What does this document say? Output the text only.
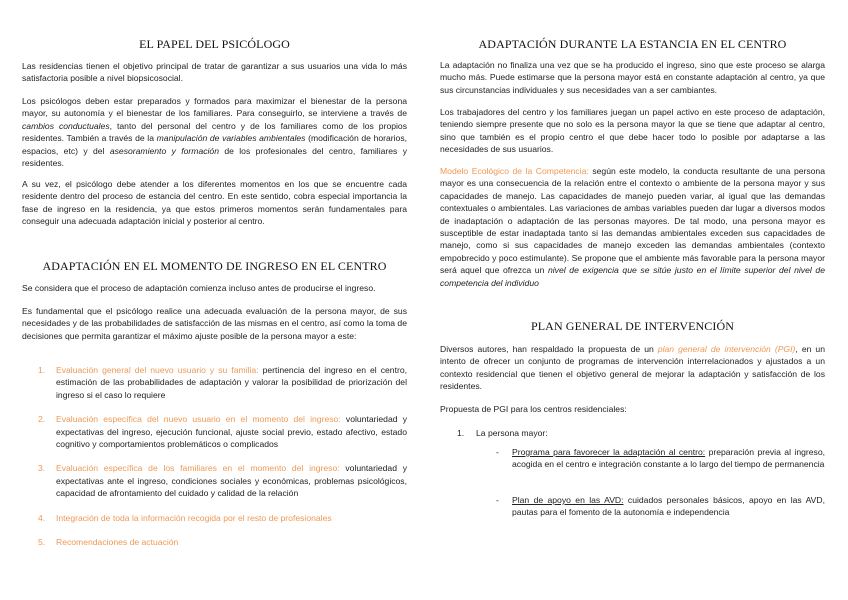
EL PAPEL DEL PSICÓLOGO

Las residencias tienen el objetivo principal de tratar de garantizar a sus usuarios una vida lo más satisfactoria posible a nivel biopsicosocial.

Los psicólogos deben estar preparados y formados para maximizar el bienestar de la persona mayor, su autonomía y el bienestar de los familiares. Para conseguirlo, se interviene a través de cambios conductuales, tanto del personal del centro y de los familiares como de los propios residentes. También a través de la manipulación de variables ambientales (modificación de horarios, espacios, etc) y del asesoramiento y formación de los profesionales del centro, familiares y residentes.

A su vez, el psicólogo debe atender a los diferentes momentos en los que se encuentre cada residente dentro del proceso de estancia del centro. En este sentido, cobra especial importancia la fase de ingreso en la residencia, ya que estos primeros momentos serán fundamentales para conseguir una adecuada adaptación inicial y posterior al centro.

ADAPTACIÓN EN EL MOMENTO DE INGRESO EN EL CENTRO

Se considera que el proceso de adaptación comienza incluso antes de producirse el ingreso.

Es fundamental que el psicólogo realice una adecuada evaluación de la persona mayor, de sus necesidades y de las probabilidades de satisfacción de las mismas en el centro, así como la toma de decisiones que permita garantizar el máximo ajuste posible de la persona mayor a este:

1. Evaluación general del nuevo usuario y su familia: pertinencia del ingreso en el centro, estimación de las probabilidades de adaptación y valorar la posibilidad de priorización del ingreso si el caso lo requiere
2. Evaluación específica del nuevo usuario en el momento del ingreso: voluntariedad y expectativas del ingreso, ejecución funcional, ajuste social previo, estado afectivo, estado cognitivo y comportamientos problemáticos o complicados
3. Evaluación específica de los familiares en el momento del ingreso: voluntariedad y expectativas ante el ingreso, condiciones sociales y económicas, problemas psicológicos, capacidad de afrontamiento del cuidado y calidad de la relación
4. Integración de toda la información recogida por el resto de profesionales
5. Recomendaciones de actuación
ADAPTACIÓN DURANTE LA ESTANCIA EN EL CENTRO

La adaptación no finaliza una vez que se ha producido el ingreso, sino que este proceso se alarga mucho más. Puede estimarse que la persona mayor está en constante adaptación al centro, ya que sus circunstancias individuales y sus necesidades van a ser cambiantes.

Los trabajadores del centro y los familiares juegan un papel activo en este proceso de adaptación, teniendo siempre presente que no solo es la persona mayor la que se tiene que adaptar al centro, sino que también es el propio centro el que debe hacer todo lo posible por adaptarse a las necesidades de sus usuarios.

Modelo Ecológico de la Competencia: según este modelo, la conducta resultante de una persona mayor es una consecuencia de la relación entre el contexto o ambiente de la persona mayor y sus capacidades de manejo. Las capacidades de manejo pueden variar, al igual que las demandas contextuales o ambientales. Las variaciones de ambas variables pueden dar lugar a diversos modos de inadaptación o adaptación de las personas mayores. De tal modo, una persona mayor es susceptible de estar inadaptada tanto si las demandas ambientales exceden sus capacidades de manejo, como si sus capacidades de manejo exceden las demandas ambientales (contexto empobrecido y poco estimulante). Se propone que el ambiente más favorable para la persona mayor será aquel que ofrezca un nivel de exigencia que se sitúe justo en el límite superior del nivel de competencia del individuo

PLAN GENERAL DE INTERVENCIÓN

Diversos autores, han respaldado la propuesta de un plan general de intervención (PGI), en un intento de ofrecer un conjunto de programas de intervención interrelacionados y ajustados a un contexto residencial que tienen el objetivo general de mejorar la adaptación y satisfacción de los residentes.

Propuesta de PGI para los centros residenciales:

1. La persona mayor:
- Programa para favorecer la adaptación al centro: preparación previa al ingreso, acogida en el centro e integración constante a lo largo del tiempo de permanencia
- Plan de apoyo en las AVD: cuidados personales básicos, apoyo en las AVD, pautas para el fomento de la autonomía e independencia
